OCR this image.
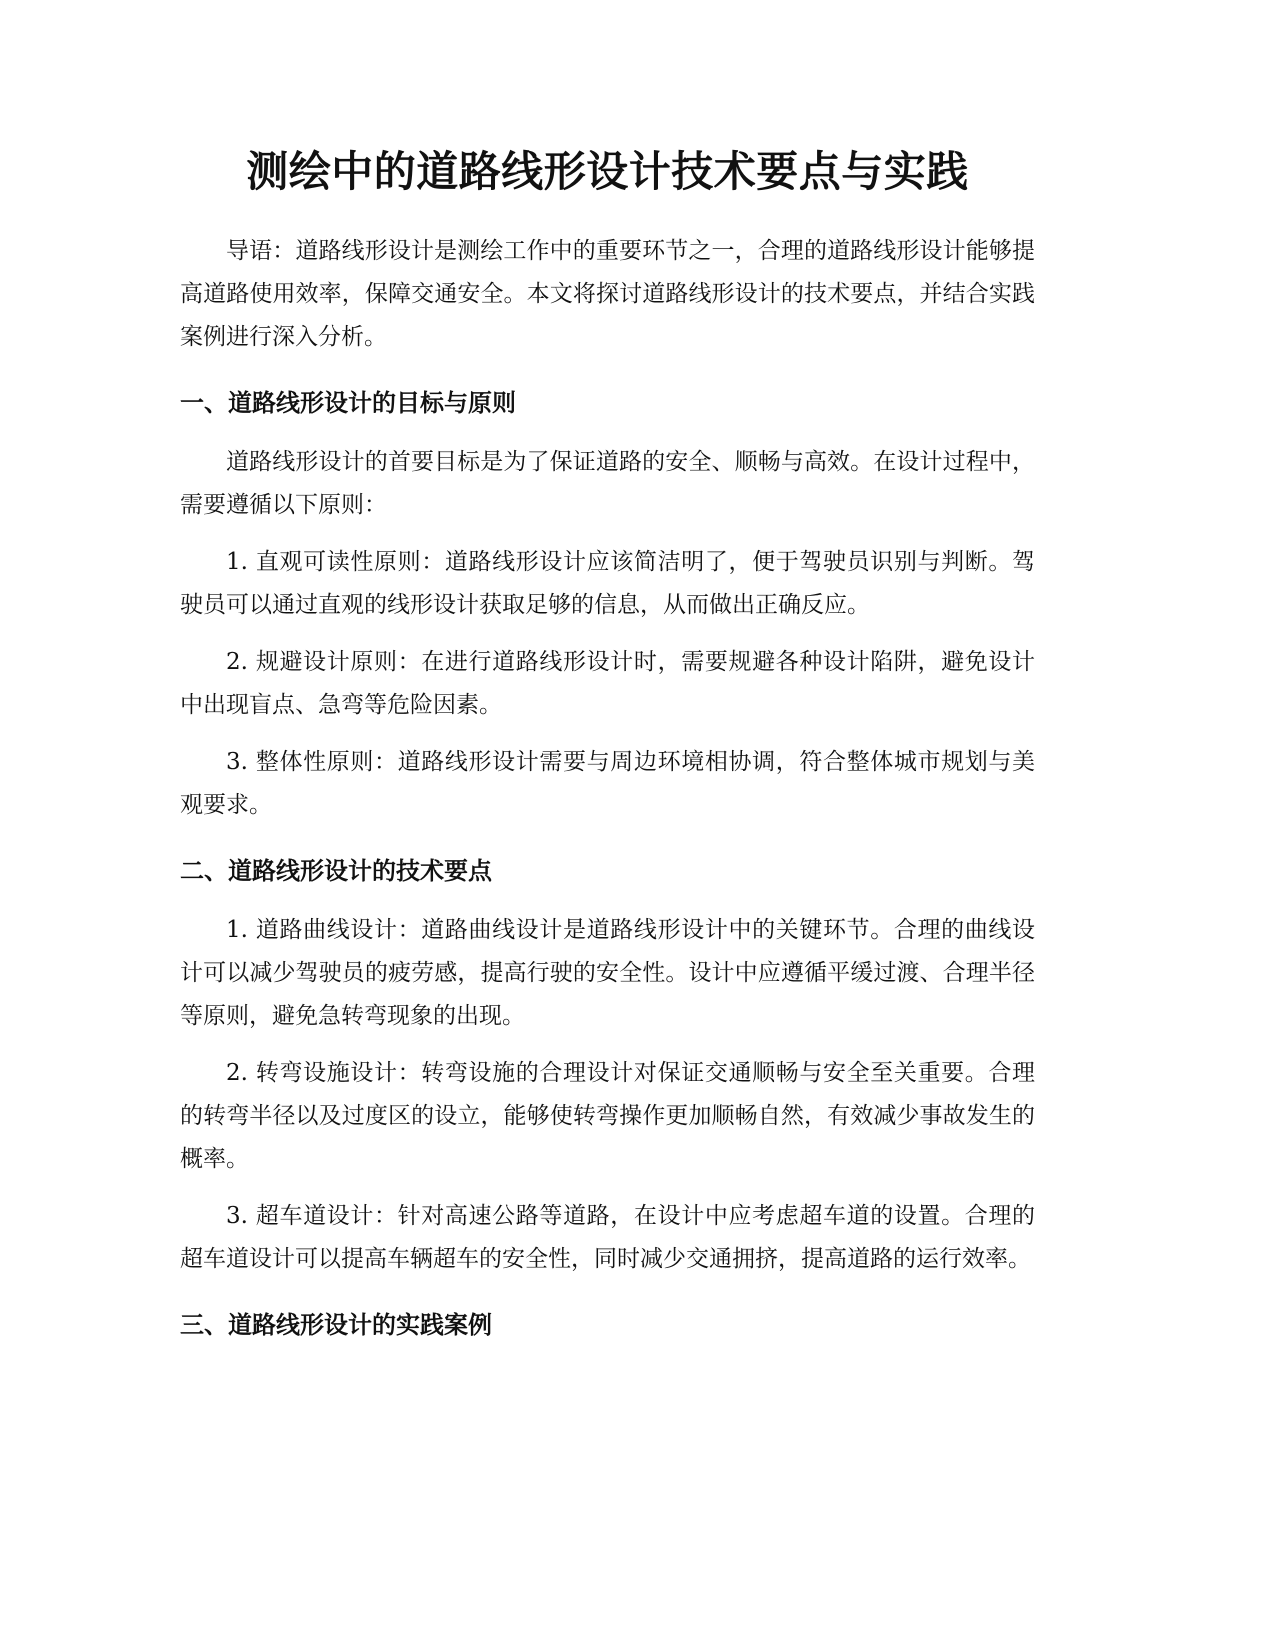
测绘中的道路线形设计技术要点与实践

导语：道路线形设计是测绘工作中的重要环节之一，合理的道路线形设计能够提高道路使用效率，保障交通安全。本文将探讨道路线形设计的技术要点，并结合实践案例进行深入分析。

一、道路线形设计的目标与原则

道路线形设计的首要目标是为了保证道路的安全、顺畅与高效。在设计过程中，需要遵循以下原则：

1. 直观可读性原则：道路线形设计应该简洁明了，便于驾驶员识别与判断。驾驶员可以通过直观的线形设计获取足够的信息，从而做出正确反应。

2. 规避设计原则：在进行道路线形设计时，需要规避各种设计陷阱，避免设计中出现盲点、急弯等危险因素。

3. 整体性原则：道路线形设计需要与周边环境相协调，符合整体城市规划与美观要求。

二、道路线形设计的技术要点

1. 道路曲线设计：道路曲线设计是道路线形设计中的关键环节。合理的曲线设计可以减少驾驶员的疲劳感，提高行驶的安全性。设计中应遵循平缓过渡、合理半径等原则，避免急转弯现象的出现。

2. 转弯设施设计：转弯设施的合理设计对保证交通顺畅与安全至关重要。合理的转弯半径以及过度区的设立，能够使转弯操作更加顺畅自然，有效减少事故发生的概率。

3. 超车道设计：针对高速公路等道路，在设计中应考虑超车道的设置。合理的超车道设计可以提高车辆超车的安全性，同时减少交通拥挤，提高道路的运行效率。

三、道路线形设计的实践案例
